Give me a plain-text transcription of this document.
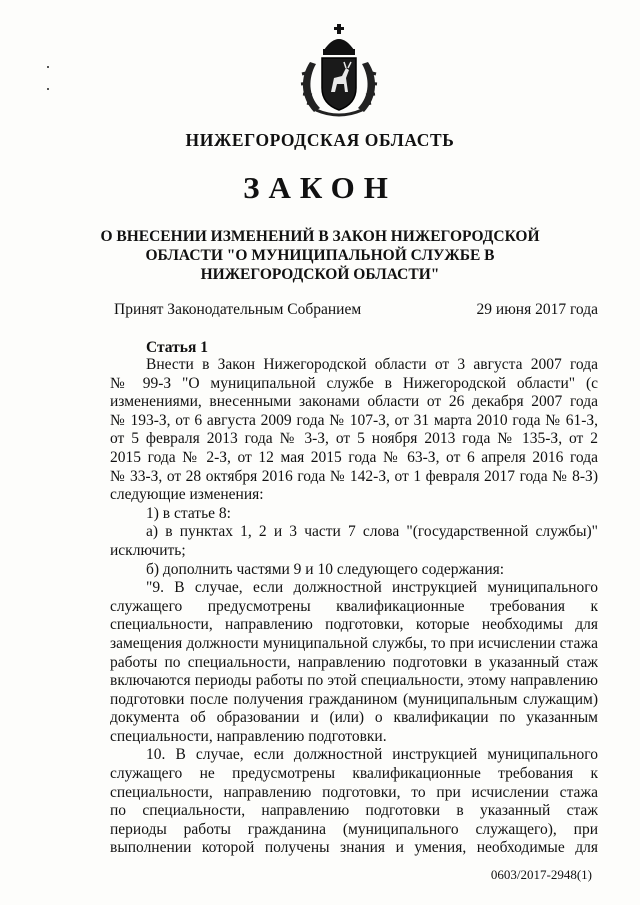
НИЖЕГОРОДСКАЯ ОБЛАСТЬ
ЗАКОН
О ВНЕСЕНИИ ИЗМЕНЕНИЙ В ЗАКОН НИЖЕГОРОДСКОЙ
ОБЛАСТИ "О МУНИЦИПАЛЬНОЙ СЛУЖБЕ В
НИЖЕГОРОДСКОЙ ОБЛАСТИ"
Принят Законодательным Собранием	29 июня 2017 года
Статья 1
Внести в Закон Нижегородской области от 3 августа 2007 года
№ 99-З "О муниципальной службе в Нижегородской области" (с
изменениями, внесенными законами области от 26 декабря 2007 года
№ 193-З, от 6 августа 2009 года № 107-З, от 31 марта 2010 года № 61-З,
от 5 февраля 2013 года № 3-З, от 5 ноября 2013 года № 135-З, от 2
2015 года № 2-З, от 12 мая 2015 года № 63-З, от 6 апреля 2016 года
№ 33-З, от 28 октября 2016 года № 142-З, от 1 февраля 2017 года № 8-З)
следующие изменения:
1) в статье 8:
а) в пунктах 1, 2 и 3 части 7 слова "(государственной службы)"
исключить;
б) дополнить частями 9 и 10 следующего содержания:
"9. В случае, если должностной инструкцией муниципального
служащего предусмотрены квалификационные требования к
специальности, направлению подготовки, которые необходимы для
замещения должности муниципальной службы, то при исчислении стажа
работы по специальности, направлению подготовки в указанный стаж
включаются периоды работы по этой специальности, этому направлению
подготовки после получения гражданином (муниципальным служащим)
документа об образовании и (или) о квалификации по указанным
специальности, направлению подготовки.
10. В случае, если должностной инструкцией муниципального
служащего не предусмотрены квалификационные требования к
специальности, направлению подготовки, то при исчислении стажа
по специальности, направлению подготовки в указанный стаж
периоды работы гражданина (муниципального служащего), при
выполнении которой получены знания и умения, необходимые для
0603/2017-2948(1)
